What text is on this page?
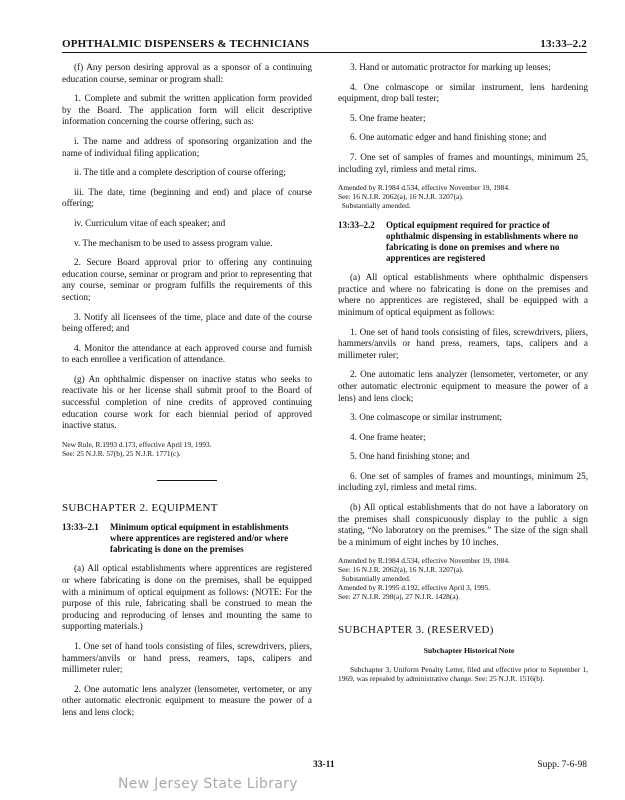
OPHTHALMIC DISPENSERS & TECHNICIANS	13:33–2.2

(f) Any person desiring approval as a sponsor of a continuing education course, seminar or program shall:

1. Complete and submit the written application form provided by the Board. The application form will elicit descriptive information concerning the course offering, such as:

i. The name and address of sponsoring organization and the name of individual filing application;

ii. The title and a complete description of course offering;

iii. The date, time (beginning and end) and place of course offering;

iv. Curriculum vitae of each speaker; and

v. The mechanism to be used to assess program value.

2. Secure Board approval prior to offering any continuing education course, seminar or program and prior to representing that any course, seminar or program fulfills the requirements of this section;

3. Notify all licensees of the time, place and date of the course being offered; and

4. Monitor the attendance at each approved course and furnish to each enrollee a verification of attendance.

(g) An ophthalmic dispenser on inactive status who seeks to reactivate his or her license shall submit proof to the Board of successful completion of nine credits of approved continuing education course work for each biennial period of approved inactive status.

New Rule, R.1993 d.173, effective April 19, 1993.
See: 25 N.J.R. 57(b), 25 N.J.R. 1771(c).

SUBCHAPTER 2. EQUIPMENT

13:33–2.1	Minimum optical equipment in establishments where apprentices are registered and/or where fabricating is done on the premises

(a) All optical establishments where apprentices are registered or where fabricating is done on the premises, shall be equipped with a minimum of optical equipment as follows: (NOTE: For the purpose of this rule, fabricating shall be construed to mean the producing and reproducing of lenses and mounting the same to supporting materials.)

1. One set of hand tools consisting of files, screwdrivers, pliers, hammers/anvils or hand press, reamers, taps, calipers and millimeter ruler;

2. One automatic lens analyzer (lensometer, vertometer, or any other automatic electronic equipment to measure the power of a lens and lens clock;

3. Hand or automatic protractor for marking up lenses;

4. One colmascope or similar instrument, lens hardening equipment, drop ball tester;

5. One frame heater;

6. One automatic edger and hand finishing stone; and

7. One set of samples of frames and mountings, minimum 25, including zyl, rimless and metal rims.

Amended by R.1984 d.534, effective November 19, 1984.
See: 16 N.J.R. 2062(a), 16 N.J.R. 3207(a).
Substantially amended.

13:33–2.2	Optical equipment required for practice of ophthalmic dispensing in establishments where no fabricating is done on premises and where no apprentices are registered

(a) All optical establishments where ophthalmic dispensers practice and where no fabricating is done on the premises and where no apprentices are registered, shall be equipped with a minimum of optical equipment as follows:

1. One set of hand tools consisting of files, screwdrivers, pliers, hammers/anvils or hand press, reamers, taps, calipers and a millimeter ruler;

2. One automatic lens analyzer (lensometer, vertometer, or any other automatic electronic equipment to measure the power of a lens) and lens clock;

3. One colmascope or similar instrument;

4. One frame heater;

5. One hand finishing stone; and

6. One set of samples of frames and mountings, minimum 25, including zyl, rimless and metal rims.

(b) All optical establishments that do not have a laboratory on the premises shall conspicuously display to the public a sign stating, “No laboratory on the premises.” The size of the sign shall be a minimum of eight inches by 10 inches.

Amended by R.1984 d.534, effective November 19, 1984.
See: 16 N.J.R. 2062(a), 16 N.J.R. 3207(a).
Substantially amended.
Amended by R.1995 d.192, effective April 3, 1995.
See: 27 N.J.R. 298(a), 27 N.J.R. 1428(a).

SUBCHAPTER 3. (RESERVED)

Subchapter Historical Note

Subchapter 3, Uniform Penalty Letter, filed and effective prior to September 1, 1969, was repealed by administrative change. See: 25 N.J.R. 1516(b).

33-11	Supp. 7-6-98
New Jersey State Library
